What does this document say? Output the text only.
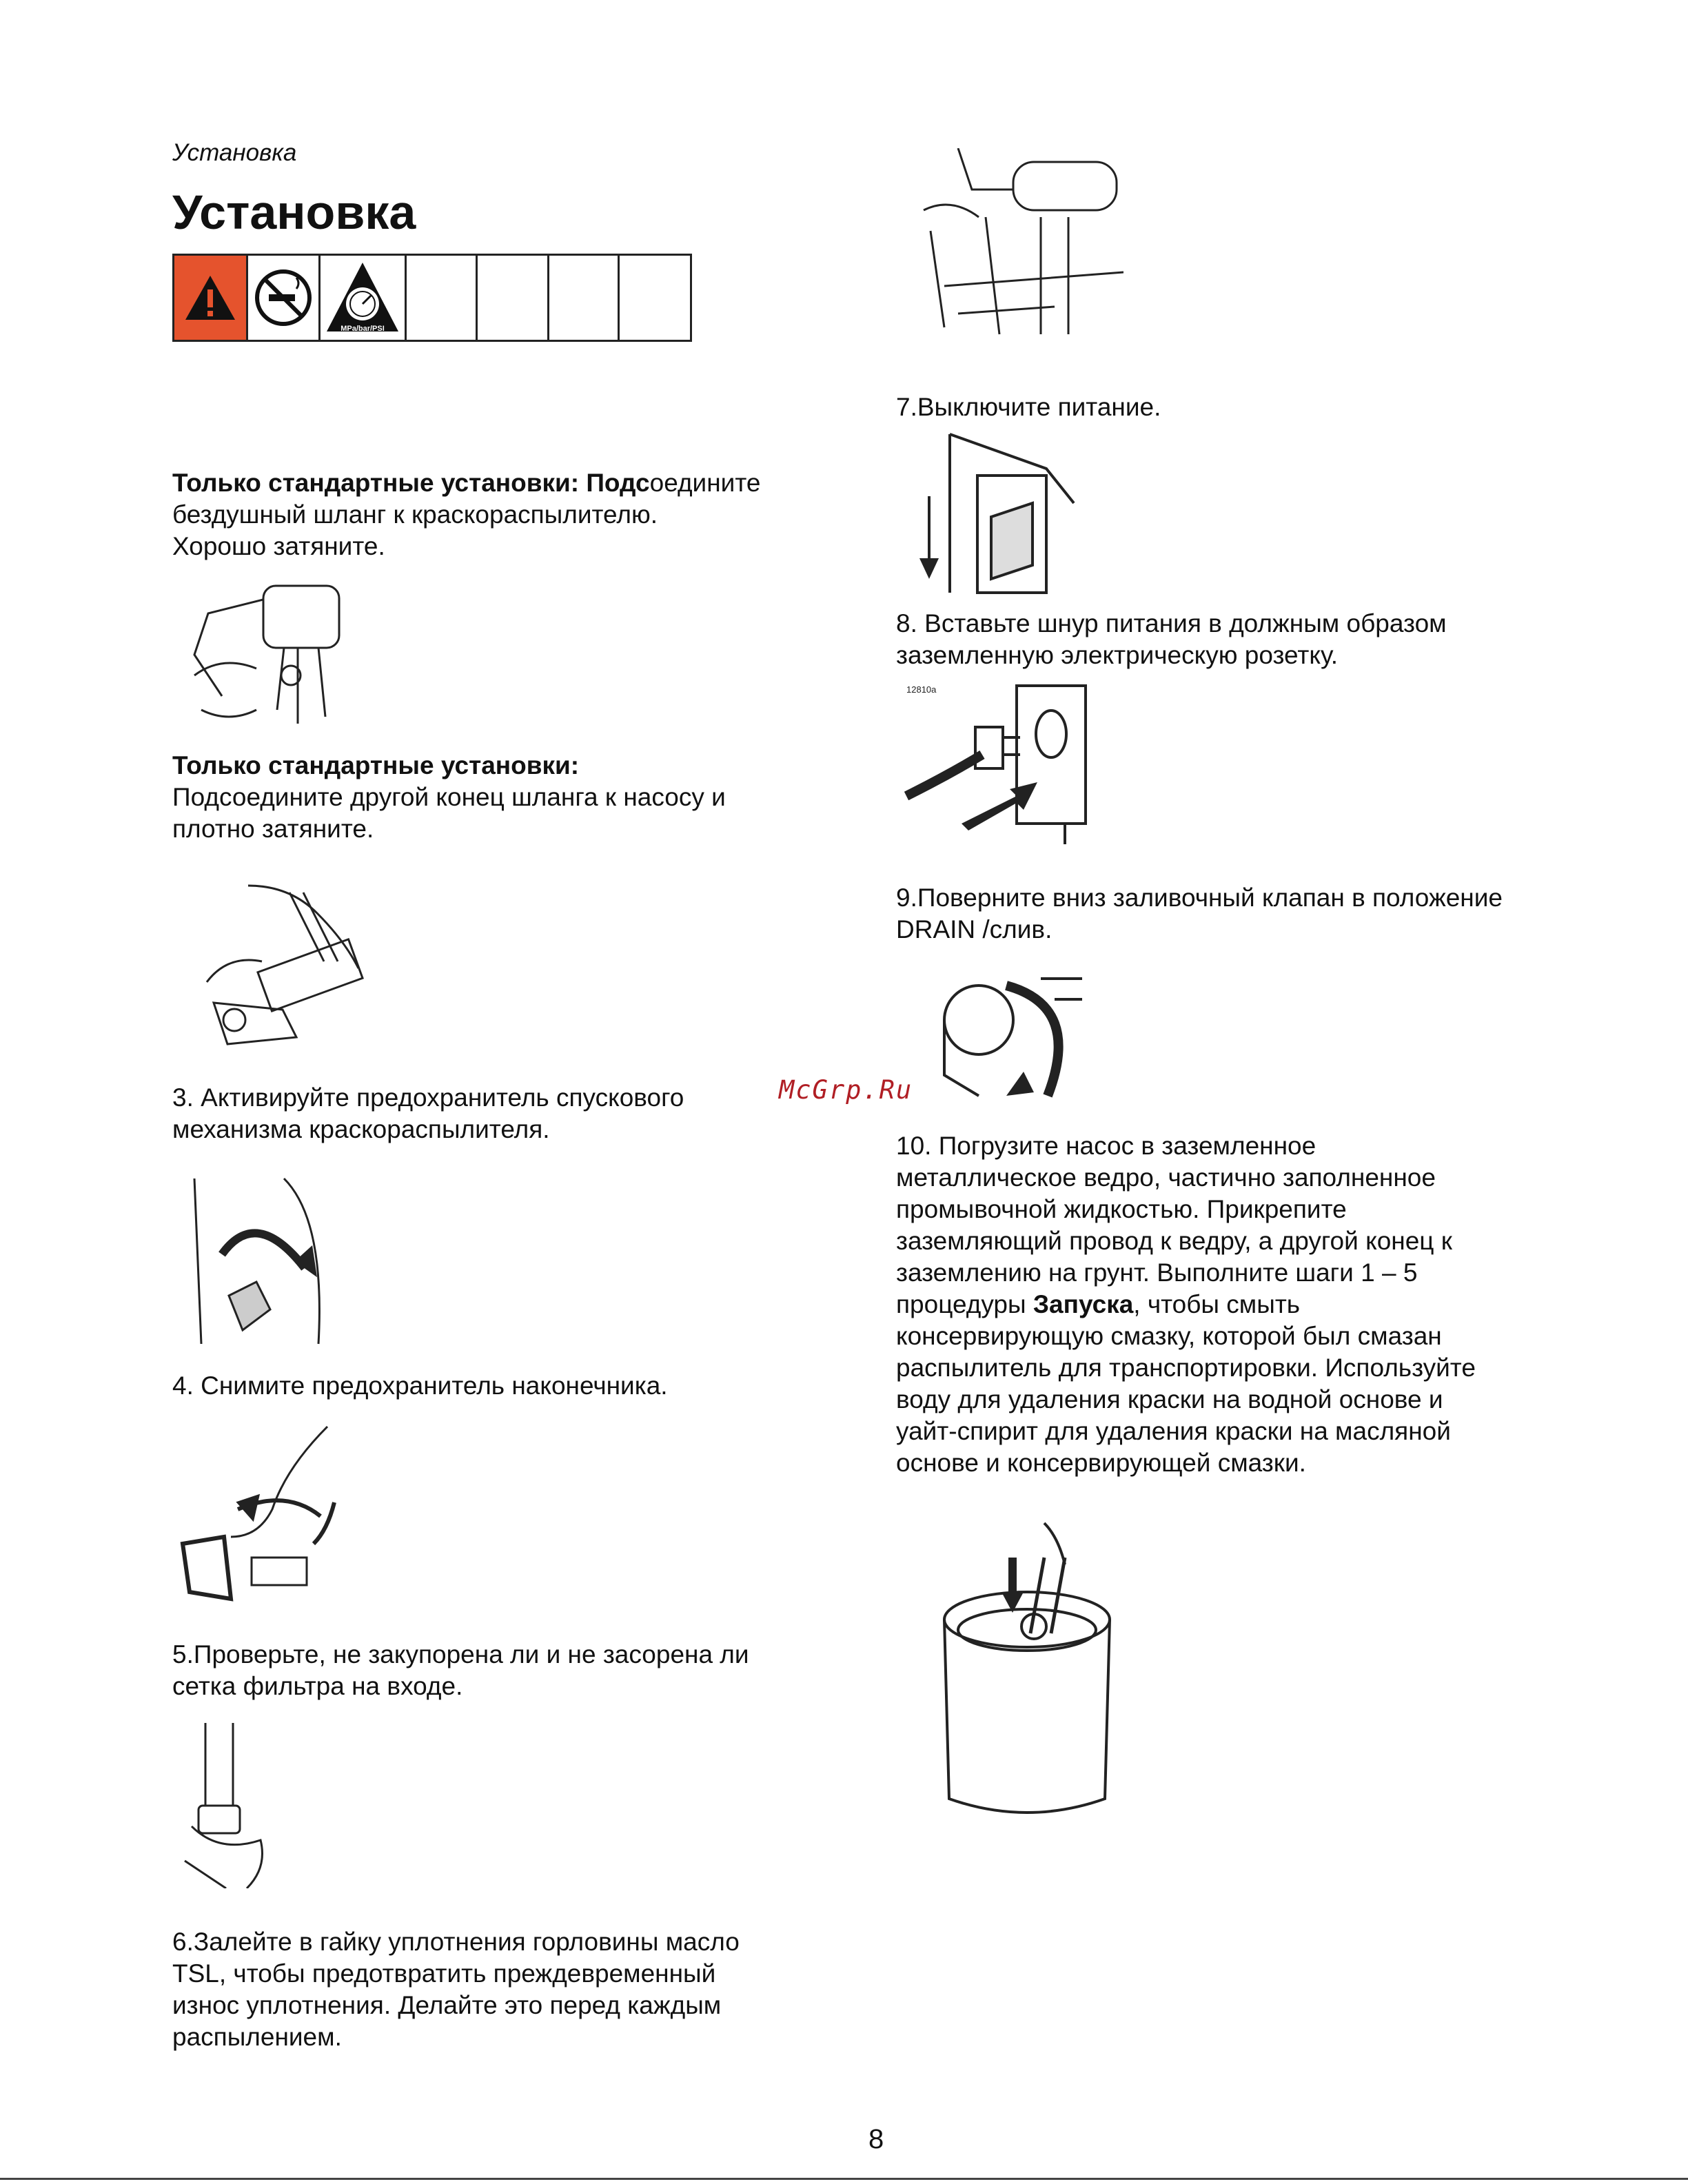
Установка
Установка
MPa/bar/PSI
Только стандартные установки: Подсоедините
бездушный шланг к краскораспылителю.
Хорошо затяните.
Только стандартные установки:
Подсоедините другой конец шланга к насосу и
плотно затяните.
3. Активируйте предохранитель спускового
механизма краскораспылителя.
4. Снимите предохранитель наконечника.
5.Проверьте, не закупорена ли и не засорена ли
сетка фильтра на входе.
6.Залейте в гайку уплотнения горловины масло
TSL, чтобы предотвратить преждевременный
износ уплотнения. Делайте это перед каждым
распылением.
7.Выключите питание.
8. Вставьте шнур питания в должным образом
заземленную электрическую розетку.
12810a
9.Поверните вниз заливочный клапан в положение
DRAIN /слив.
10. Погрузите насос в заземленное
металлическое ведро, частично заполненное
промывочной жидкостью. Прикрепите
заземляющий провод к ведру, а другой конец к
заземлению на грунт. Выполните шаги 1 – 5
процедуры Запуска, чтобы смыть
консервирующую смазку, которой был смазан
распылитель для транспортировки. Используйте
воду для удаления краски на водной основе и
уайт-спирит для удаления краски на масляной
основе и консервирующей смазки.
McGrp.Ru
8
